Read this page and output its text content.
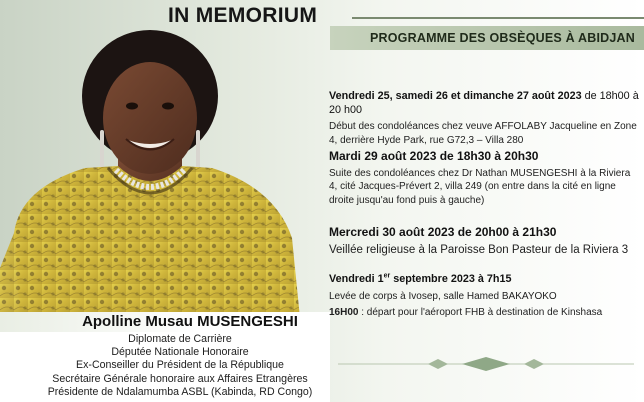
IN MEMORIUM
PROGRAMME DES OBSÈQUES À ABIDJAN
Apolline Musau MUSENGESHI
Diplomate de Carrière
Députée Nationale Honoraire
Ex-Conseiller du Président de la République
Secrétaire Générale honoraire aux Affaires Etrangères
Présidente de Ndalamumba ASBL (Kabinda, RD Congo)
Vendredi 25, samedi 26 et dimanche 27 août 2023 de 18h00 à 20 h00
Début des condoléances chez veuve AFFOLABY Jacqueline en Zone 4, derrière Hyde Park, rue G72,3 – Villa 280
Mardi 29 août 2023 de 18h30 à 20h30
Suite des condoléances chez Dr Nathan MUSENGESHI à la Riviera 4, cité Jacques-Prévert 2, villa 249 (on entre dans la cité en ligne droite jusqu'au fond puis à gauche)
Mercredi 30 août 2023 de 20h00 à 21h30
Veillée religieuse à la Paroisse Bon Pasteur de la Riviera 3
Vendredi 1er septembre 2023 à 7h15
Levée de corps à Ivosep, salle Hamed BAKAYOKO
16H00 : départ pour l'aéroport FHB à destination de Kinshasa
